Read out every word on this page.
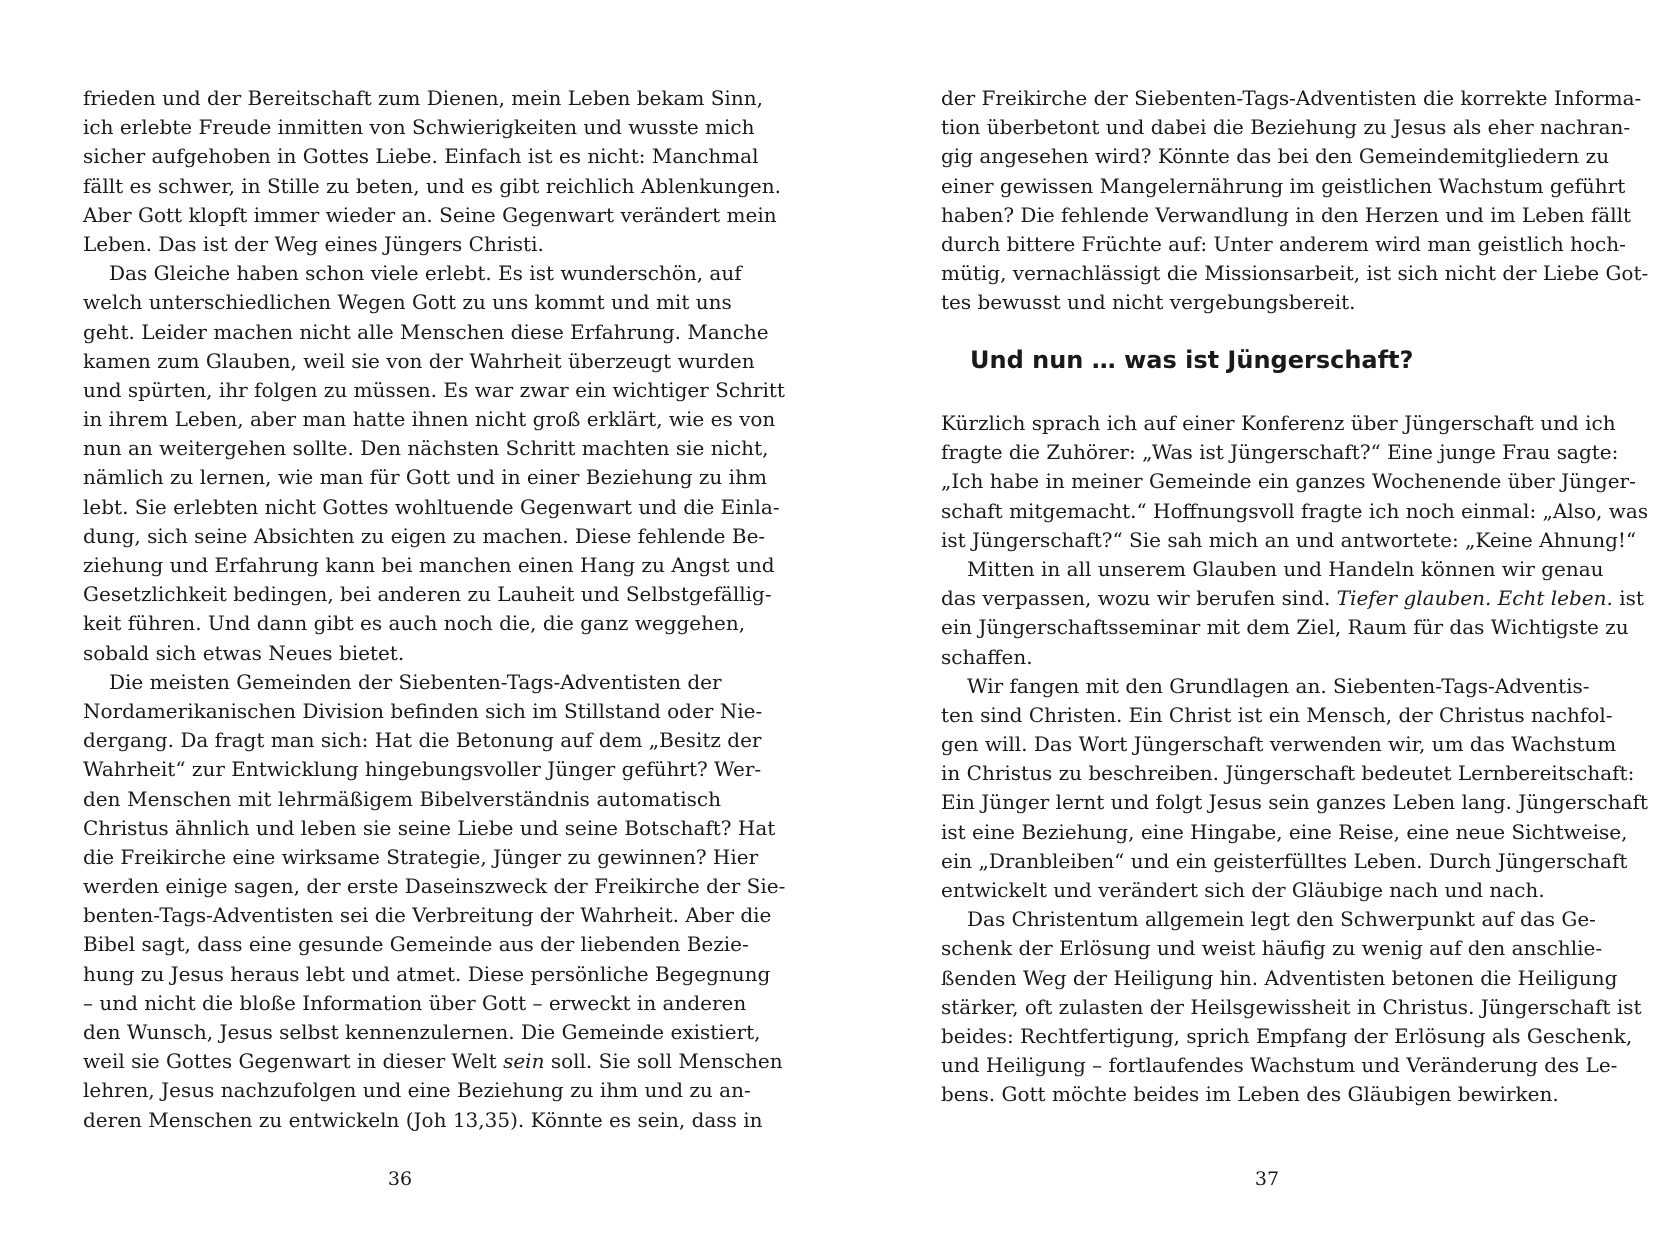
frieden und der Bereitschaft zum Dienen, mein Leben bekam Sinn,
ich erlebte Freude inmitten von Schwierigkeiten und wusste mich
sicher aufgehoben in Gottes Liebe. Einfach ist es nicht: Manchmal
fällt es schwer, in Stille zu beten, und es gibt reichlich Ablenkungen.
Aber Gott klopft immer wieder an. Seine Gegenwart verändert mein
Leben. Das ist der Weg eines Jüngers Christi.
Das Gleiche haben schon viele erlebt. Es ist wunderschön, auf
welch unterschiedlichen Wegen Gott zu uns kommt und mit uns
geht. Leider machen nicht alle Menschen diese Erfahrung. Manche
kamen zum Glauben, weil sie von der Wahrheit überzeugt wurden
und spürten, ihr folgen zu müssen. Es war zwar ein wichtiger Schritt
in ihrem Leben, aber man hatte ihnen nicht groß erklärt, wie es von
nun an weitergehen sollte. Den nächsten Schritt machten sie nicht,
nämlich zu lernen, wie man für Gott und in einer Beziehung zu ihm
lebt. Sie erlebten nicht Gottes wohltuende Gegenwart und die Einla-
dung, sich seine Absichten zu eigen zu machen. Diese fehlende Be-
ziehung und Erfahrung kann bei manchen einen Hang zu Angst und
Gesetzlichkeit bedingen, bei anderen zu Lauheit und Selbstgefällig-
keit führen. Und dann gibt es auch noch die, die ganz weggehen,
sobald sich etwas Neues bietet.
Die meisten Gemeinden der Siebenten-Tags-Adventisten der
Nordamerikanischen Division befinden sich im Stillstand oder Nie-
dergang. Da fragt man sich: Hat die Betonung auf dem „Besitz der
Wahrheit“ zur Entwicklung hingebungsvoller Jünger geführt? Wer-
den Menschen mit lehrmäßigem Bibelverständnis automatisch
Christus ähnlich und leben sie seine Liebe und seine Botschaft? Hat
die Freikirche eine wirksame Strategie, Jünger zu gewinnen? Hier
werden einige sagen, der erste Daseinszweck der Freikirche der Sie-
benten-Tags-Adventisten sei die Verbreitung der Wahrheit. Aber die
Bibel sagt, dass eine gesunde Gemeinde aus der liebenden Bezie-
hung zu Jesus heraus lebt und atmet. Diese persönliche Begegnung
– und nicht die bloße Information über Gott – erweckt in anderen
den Wunsch, Jesus selbst kennenzulernen. Die Gemeinde existiert,
weil sie Gottes Gegenwart in dieser Welt sein soll. Sie soll Menschen
lehren, Jesus nachzufolgen und eine Beziehung zu ihm und zu an-
deren Menschen zu entwickeln (Joh 13,35). Könnte es sein, dass in
36
der Freikirche der Siebenten-Tags-Adventisten die korrekte Informa-
tion überbetont und dabei die Beziehung zu Jesus als eher nachran-
gig angesehen wird? Könnte das bei den Gemeindemitgliedern zu
einer gewissen Mangelernährung im geistlichen Wachstum geführt
haben? Die fehlende Verwandlung in den Herzen und im Leben fällt
durch bittere Früchte auf: Unter anderem wird man geistlich hoch-
mütig, vernachlässigt die Missionsarbeit, ist sich nicht der Liebe Got-
tes bewusst und nicht vergebungsbereit.
Und nun … was ist Jüngerschaft?
Kürzlich sprach ich auf einer Konferenz über Jüngerschaft und ich
fragte die Zuhörer: „Was ist Jüngerschaft?“ Eine junge Frau sagte:
„Ich habe in meiner Gemeinde ein ganzes Wochenende über Jünger-
schaft mitgemacht.“ Hoffnungsvoll fragte ich noch einmal: „Also, was
ist Jüngerschaft?“ Sie sah mich an und antwortete: „Keine Ahnung!“
Mitten in all unserem Glauben und Handeln können wir genau
das verpassen, wozu wir berufen sind. Tiefer glauben. Echt leben. ist
ein Jüngerschaftsseminar mit dem Ziel, Raum für das Wichtigste zu
schaffen.
Wir fangen mit den Grundlagen an. Siebenten-Tags-Adventis-
ten sind Christen. Ein Christ ist ein Mensch, der Christus nachfol-
gen will. Das Wort Jüngerschaft verwenden wir, um das Wachstum
in Christus zu beschreiben. Jüngerschaft bedeutet Lernbereitschaft:
Ein Jünger lernt und folgt Jesus sein ganzes Leben lang. Jüngerschaft
ist eine Beziehung, eine Hingabe, eine Reise, eine neue Sichtweise,
ein „Dranbleiben“ und ein geisterfülltes Leben. Durch Jüngerschaft
entwickelt und verändert sich der Gläubige nach und nach.
Das Christentum allgemein legt den Schwerpunkt auf das Ge-
schenk der Erlösung und weist häufig zu wenig auf den anschlie-
ßenden Weg der Heiligung hin. Adventisten betonen die Heiligung
stärker, oft zulasten der Heilsgewissheit in Christus. Jüngerschaft ist
beides: Rechtfertigung, sprich Empfang der Erlösung als Geschenk,
und Heiligung – fortlaufendes Wachstum und Veränderung des Le-
bens. Gott möchte beides im Leben des Gläubigen bewirken.
37
